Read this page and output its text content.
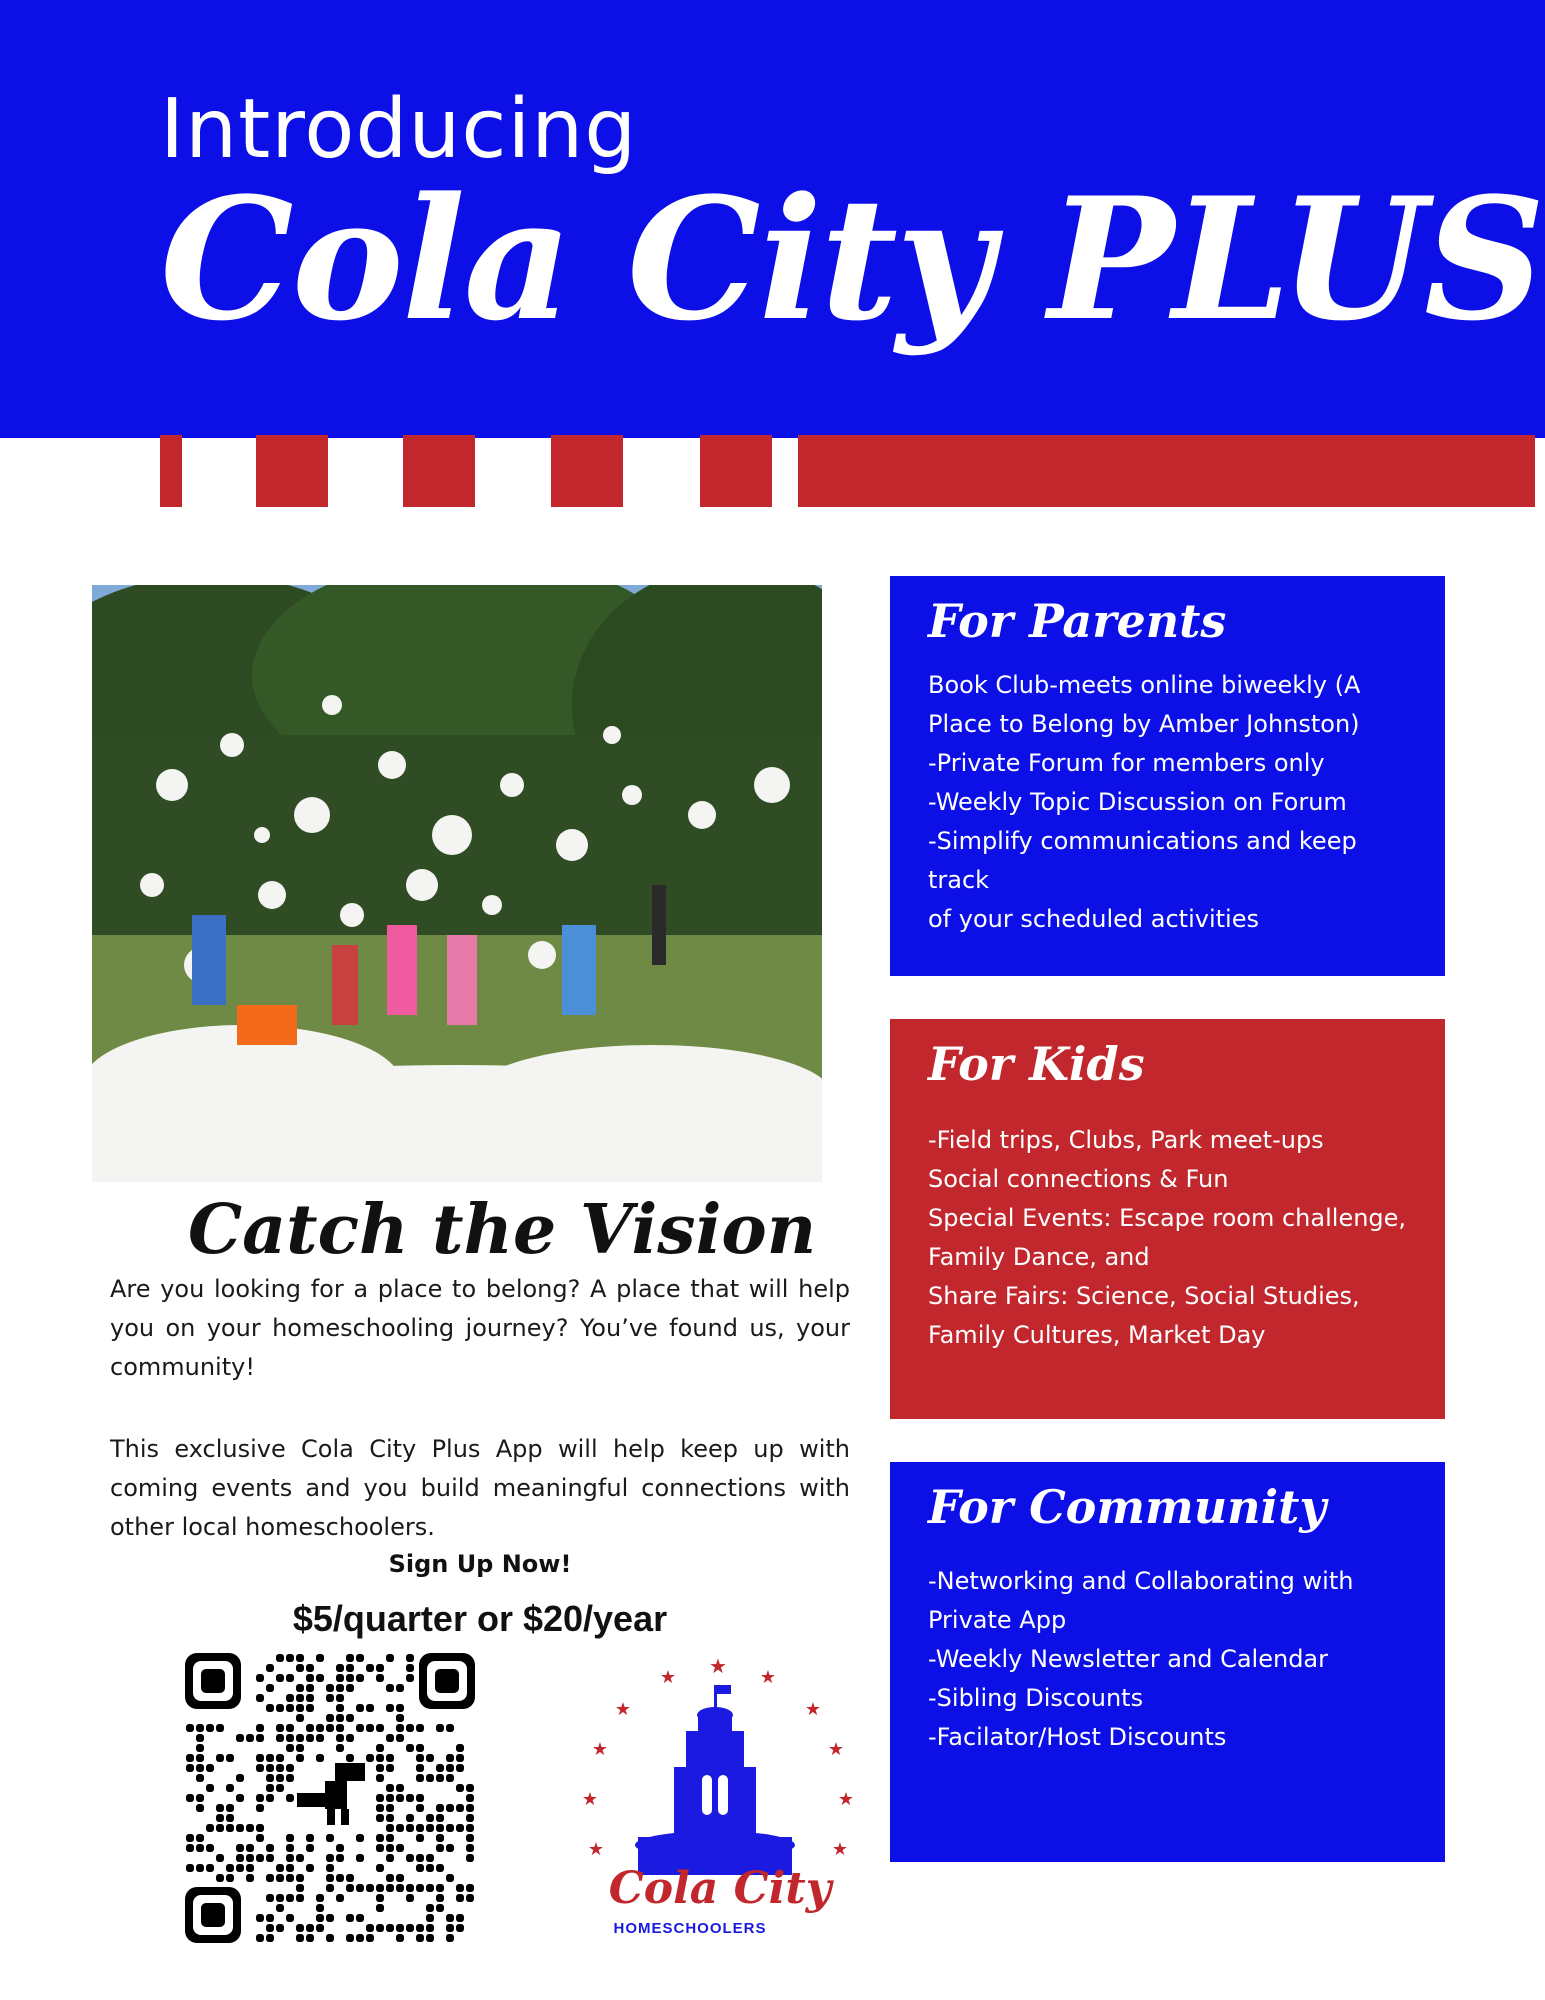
Introducing
Cola City PLUS
Catch the Vision
Are you looking for a place to belong? A place that will help you on your homeschooling journey? You’ve found us, your community!
This exclusive Cola City Plus App will help keep up with coming events and you build meaningful connections with other local homeschoolers.
Sign Up Now!
$5/quarter or $20/year
★
★	★
★	★
★	★
★	★
★	★
Cola City
HOMESCHOOLERS
For Parents
Book Club-meets online biweekly (A
Place to Belong by Amber Johnston)
-Private Forum for members only
-Weekly Topic Discussion on Forum
-Simplify communications and keep track
of your scheduled activities
For Kids
-Field trips, Clubs, Park meet-ups
Social connections & Fun
Special Events: Escape room challenge,
Family Dance, and
Share Fairs: Science, Social Studies,
Family Cultures, Market Day
For Community
-Networking and Collaborating with
Private App
-Weekly Newsletter and Calendar
-Sibling Discounts
-Facilator/Host Discounts
